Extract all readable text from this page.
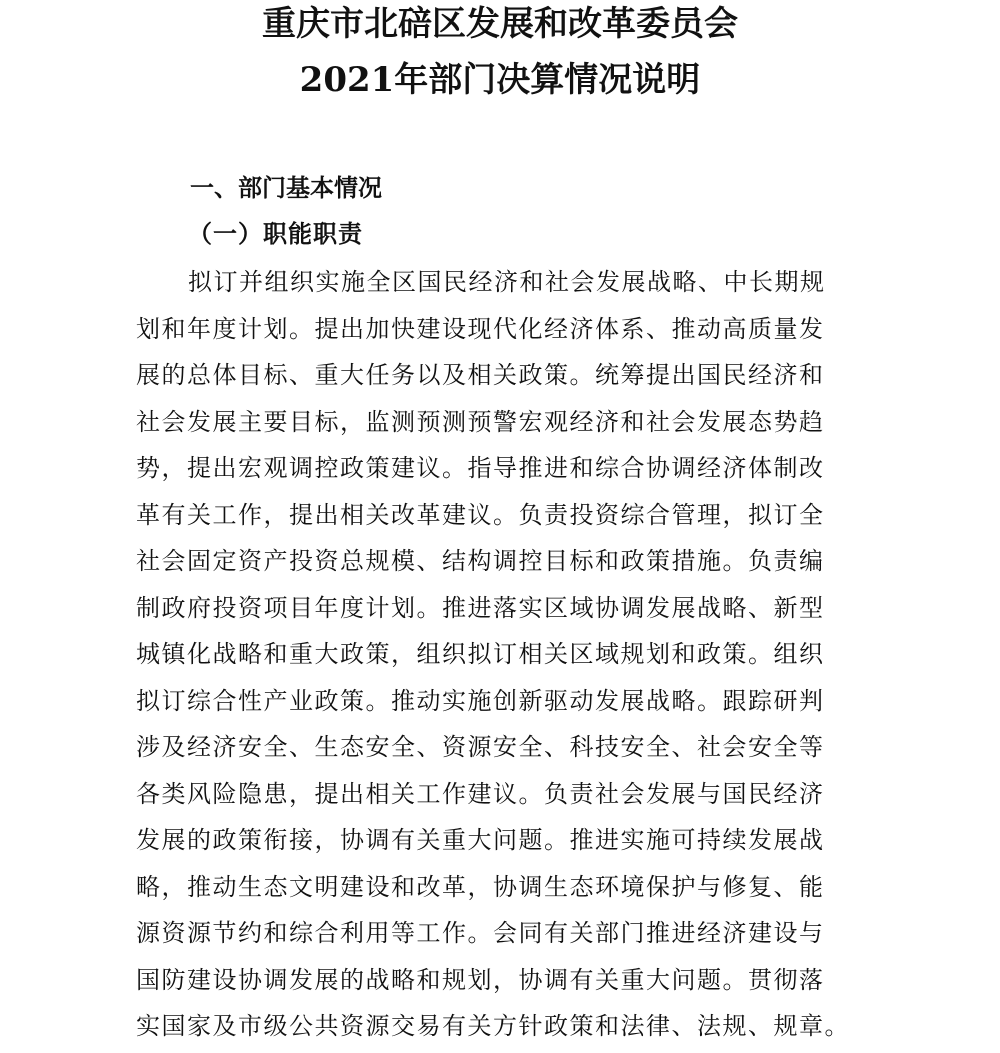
重庆市北碚区发展和改革委员会
2021年部门决算情况说明
一、部门基本情况
（一）职能职责
拟订并组织实施全区国民经济和社会发展战略、中长期规
划和年度计划。提出加快建设现代化经济体系、推动高质量发
展的总体目标、重大任务以及相关政策。统筹提出国民经济和
社会发展主要目标，监测预测预警宏观经济和社会发展态势趋
势，提出宏观调控政策建议。指导推进和综合协调经济体制改
革有关工作，提出相关改革建议。负责投资综合管理，拟订全
社会固定资产投资总规模、结构调控目标和政策措施。负责编
制政府投资项目年度计划。推进落实区域协调发展战略、新型
城镇化战略和重大政策，组织拟订相关区域规划和政策。组织
拟订综合性产业政策。推动实施创新驱动发展战略。跟踪研判
涉及经济安全、生态安全、资源安全、科技安全、社会安全等
各类风险隐患，提出相关工作建议。负责社会发展与国民经济
发展的政策衔接，协调有关重大问题。推进实施可持续发展战
略，推动生态文明建设和改革，协调生态环境保护与修复、能
源资源节约和综合利用等工作。会同有关部门推进经济建设与
国防建设协调发展的战略和规划，协调有关重大问题。贯彻落
实国家及市级公共资源交易有关方针政策和法律、法规、规章。
